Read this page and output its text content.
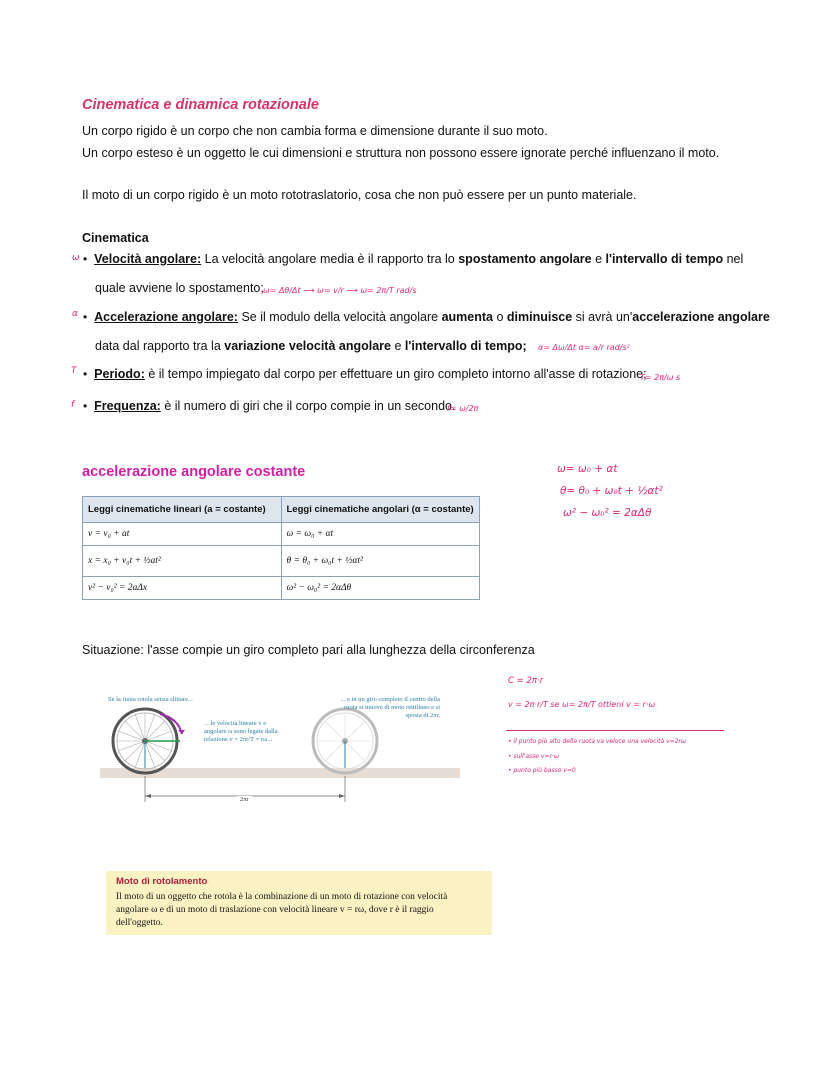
Cinematica e dinamica rotazionale
Un corpo rigido è un corpo che non cambia forma e dimensione durante il suo moto.
Un corpo esteso è un oggetto le cui dimensioni e struttura non possono essere ignorate perché influenzano il moto.
Il moto di un corpo rigido è un moto rototraslatorio, cosa che non può essere per un punto materiale.
Cinematica
ω • Velocità angolare: La velocità angolare media è il rapporto tra lo spostamento angolare e l'intervallo di tempo nel
quale avviene lo spostamento; ω= Δθ/Δt ⟶ ω= v/r ⟶ ω= 2π/T rad/s
α • Accelerazione angolare: Se il modulo della velocità angolare aumenta o diminuisce si avrà un'accelerazione angolare
data dal rapporto tra la variazione velocità angolare e l'intervallo di tempo; α= Δω/Δt α= a/r rad/s²
T • Periodo: è il tempo impiegato dal corpo per effettuare un giro completo intorno all'asse di rotazione;
T= 2π/ω s
f • Frequenza: è il numero di giri che il corpo compie in un secondo.
f= ω/2π
accelerazione angolare costante
Leggi cinematiche lineari (a = costante)	Leggi cinematiche angolari (α = costante)
v = v₀ + at	ω = ω₀ + αt
x = x₀ + v₀t + ½at²	θ = θ₀ + ω₀t + ½αt²
v² − v₀² = 2aΔx	ω² − ω₀² = 2αΔθ
ω= ω₀ + αt
θ= θ₀ + ω₀t + ½αt²
ω² − ω₀² = 2αΔθ
Situazione: l'asse compie un giro completo pari alla lunghezza della circonferenza
Se la ruota rotola senza slittare...
... le velocità lineare v e angolare ω sono legate dalla relazione v = 2πr/T = rω...
... e in un giro completo il centro della ruota si muove di moto rettilineo e si sposta di 2πr.
2πr
C = 2π·r
v = 2π·r/T se ω= 2π/T ottieni v = r·ω
• il punto più alto della ruota va veloce una velocità v=2rω
• sull'asse v=r·ω
• punto più basso v=0
Moto di rotolamento
Il moto di un oggetto che rotola è la combinazione di un moto di rotazione con velocità angolare ω e di un moto di traslazione con velocità lineare v = rω, dove r è il raggio dell'oggetto.
